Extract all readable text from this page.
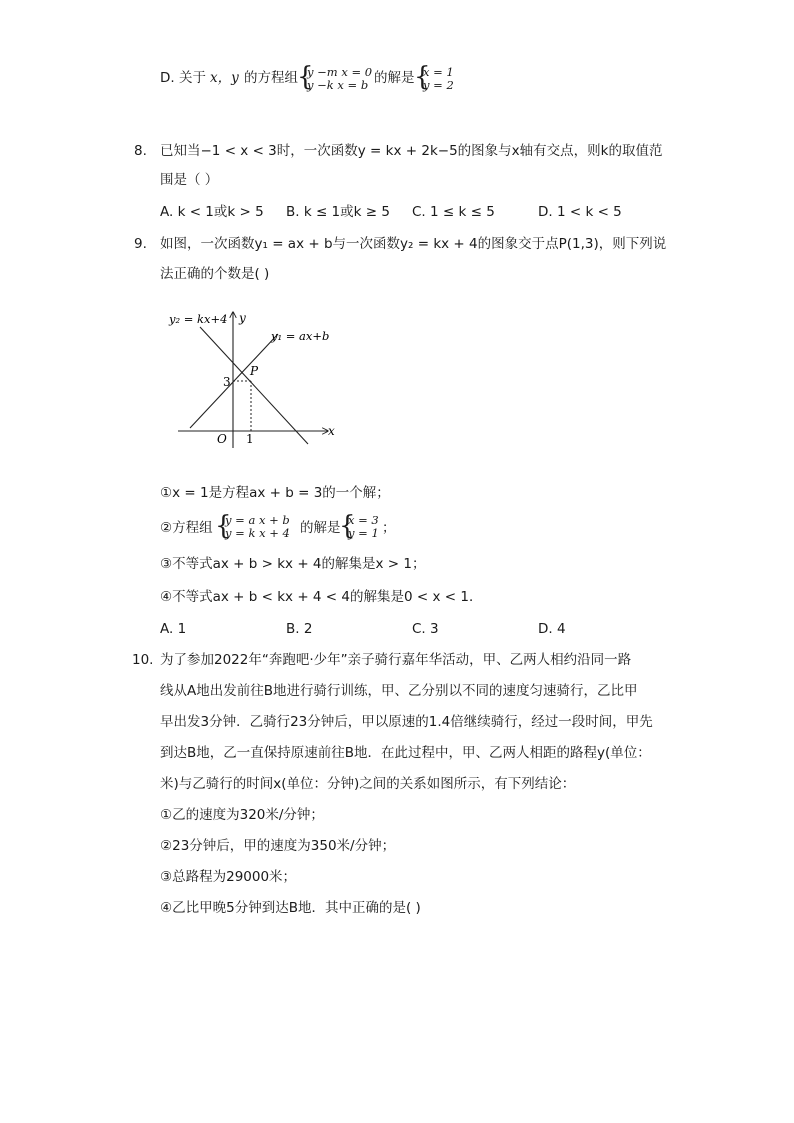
D. 关于 x，y 的方程组 {
y −m x = 0
y −k x = b 的解是 {
x = 1
y = 2
8. 已知当−1 < x < 3时，一次函数y = kx + 2k−5的图象与x轴有交点，则k的取值范
围是（ ）
A. k < 1或k > 5 B. k ≤ 1或k ≥ 5 C. 1 ≤ k ≤ 5	D. 1 < k < 5
9. 如图，一次函数y₁ = ax + b与一次函数y₂ = kx + 4的图象交于点P(1,3)，则下列说
法正确的个数是( )
y₂ = kx+4
y₁ = ax+b
y
x
O
P
1
3
①x = 1是方程ax + b = 3的一个解；
②方程组 {
y = a x + b
y = k x + 4 的解是
{
x = 3
y = 1 ；
③不等式ax + b > kx + 4的解集是x > 1；
④不等式ax + b < kx + 4 < 4的解集是0 < x < 1．
A. 1	B. 2	C. 3	D. 4
10. 为了参加2022年“奔跑吧·少年”亲子骑行嘉年华活动，甲、乙两人相约沿同一路
线从A地出发前往B地进行骑行训练，甲、乙分别以不同的速度匀速骑行，乙比甲
早出发3分钟．乙骑行23分钟后，甲以原速的1.4倍继续骑行，经过一段时间，甲先
到达B地，乙一直保持原速前往B地．在此过程中，甲、乙两人相距的路程y(单位：
米)与乙骑行的时间x(单位：分钟)之间的关系如图所示，有下列结论：
①乙的速度为320米/分钟；
②23分钟后，甲的速度为350米/分钟；
③总路程为29000米；
④乙比甲晚5分钟到达B地．其中正确的是( )
